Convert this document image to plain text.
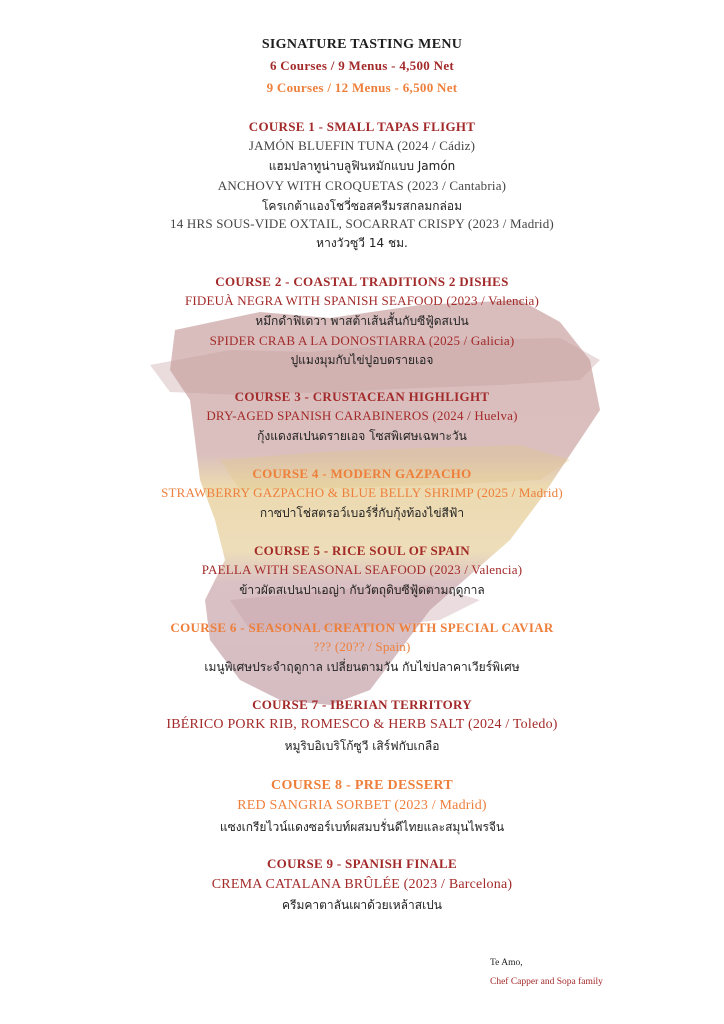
SIGNATURE TASTING MENU
6 Courses / 9 Menus - 4,500 Net
9 Courses / 12 Menus - 6,500 Net
COURSE 1 - SMALL TAPAS FLIGHT
JAMÓN BLUEFIN TUNA (2024 / Cádiz)
แฮมปลาทูน่าบลูฟินหมักแบบ Jamón
ANCHOVY WITH CROQUETAS (2023 / Cantabria)
โครเกต้าแองโชวี่ซอสครีมรสกลมกล่อม
14 HRS SOUS-VIDE OXTAIL, SOCARRAT CRISPY (2023 / Madrid)
หางวัวซูวี 14 ชม.
COURSE 2 - COASTAL TRADITIONS 2 DISHES
FIDEUÀ NEGRA WITH SPANISH SEAFOOD (2023 / Valencia)
หมึกดำฟิเดวา พาสต้าเส้นสั้นกับซีฟู้ดสเปน
SPIDER CRAB A LA DONOSTIARRA (2025 / Galicia)
ปูแมงมุมกับไข่ปูอบดรายเอจ
COURSE 3 - CRUSTACEAN HIGHLIGHT
DRY-AGED SPANISH CARABINEROS (2024 / Huelva)
กุ้งแดงสเปนดรายเอจ โซสพิเศษเฉพาะวัน
COURSE 4 - MODERN GAZPACHO
STRAWBERRY GAZPACHO & BLUE BELLY SHRIMP (2025 / Madrid)
กาซปาโช่สตรอว์เบอร์รี่กับกุ้งท้องไข่สีฟ้า
COURSE 5 - RICE SOUL OF SPAIN
PAELLA WITH SEASONAL SEAFOOD (2023 / Valencia)
ข้าวผัดสเปนปาเอญ่า กับวัตถุดิบซีฟู้ดตามฤดูกาล
COURSE 6 - SEASONAL CREATION WITH SPECIAL CAVIAR
??? (20?? / Spain)
เมนูพิเศษประจำฤดูกาล เปลี่ยนตามวัน กับไข่ปลาคาเวียร์พิเศษ
COURSE 7 - IBERIAN TERRITORY
IBÉRICO PORK RIB, ROMESCO & HERB SALT (2024 / Toledo)
หมูริบอิเบริโก้ซูวี เสิร์ฟกับเกลือ
COURSE 8 - PRE DESSERT
RED SANGRIA SORBET (2023 / Madrid)
แซงเกรียไวน์แดงซอร์เบท์ผสมบรั่นดีไทยและสมุนไพรจีน
COURSE 9 - SPANISH FINALE
CREMA CATALANA BRÛLÉE (2023 / Barcelona)
ครีมคาตาลันเผาด้วยเหล้าสเปน
Te Amo,
Chef Capper and Sopa family
